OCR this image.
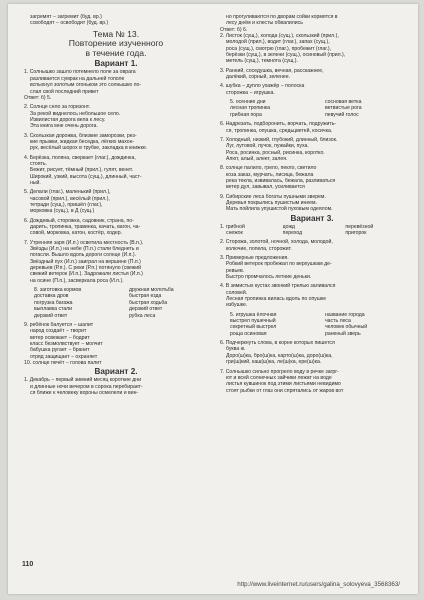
загремят − загремит (буд. вр.)
ссвободят − освободит (буд. вр.)
Тема № 13.
Повторение изученного
в течение года.
Вариант 1.
1. Солнышко зашло потемнело поле за оврага
разливается сумрак на дальней тополе
вспыхнул золотым огоньком это солнышко по-
слал свой последний привет
Ответ: б) 5.
2. Солнце село за горизонт.
За рекой виднелось небольшое село.
Извилистая дорога вела к лесу.
Эта книга мне очень дорога.
3. Скользкая дорожка, близкие заморозки, рез-
кие прыжки, жидкая беседка, лёгких махон-
рук, весёлый шорох в трубке, закладка в книжке.
4. Берёзка, поляна, сверкает (глаг.), дождинка,
стоять.
Бежит, рисует, тёмный (прил.), гулят, венет.
Широкий, узкий, высота (сущ.), длинный, част-
ный.
5. Делали (глаг.), маленький (прил.),
часовой (прил.), весёлый (прил.),
тетради (сущ.), пришёл (глаг.),
морковка (сущ.), в Д (сущ.)
6. Дождевый, сторожка, садовник, страна, по-
дарить, тропинка, травинка, качать, вагон, ча-
совой, морковка, катон, костёр, ходер.
7. Утренняя заря (И.п.) осветила местность (В.п.).
Звёзды (И.п.) на небе (П.п.) стали бледнеть и
погасли. Вышло вдоль дороги солнце (И.п.).
Звёздный пух (И.п.) заиграл на вершине (П.п.)
деревьев (Р.п.). С реки (Р.п.) потянуло (свежий
свежий ветерок (И.п.). Задрожали листья (И.п.)
на осине (П.п.), засверкала роса (И.п.).
8. заготовка кормов	дружная молотьба
доставка дров	быстрая езда
погрузка багажа	быстрая ходьба
выплавка стали	дерзкий ответ
дерзкий ответ	рубка леса
9. ребёнок балуется − шалит
народ создаёт − творит
ветер освежает − бодрит
класс безмолвствует − молчит
бабушка ругает − бранит
отряд защищает − охраняет
10. солнце печёт − голова палит
Вариант 2.
1. Декабрь − первый зимний месяц короткие дни
и длинные ночи вечером в сорока перебирает-
ся ближе к человеку вороны осмелели и вин-
но прогуливаются по дворам сойки кормятся в
лесу днём и клесты обвалились
Ответ: б) 6.
2. Листок (сущ.), холода (сущ.), скользкий (прил.),
молодой (прил.), водит (глаг.), запах (сущ.),
роса (сущ.), смотрю (глаг.), пробежит (глаг.),
берёзки (сущ.), в зелени (сущ.), осиновый (прил.),
метель (сущ.), темнота (сущ.).
3. Ранний, соседушка, вечная, расскажнее,
далёкий, сорный, зеленее.
4. шубка − дупло ухажёр − полоска
сторожка − игрушка.
5. осенние дни	сосновая ветка
лесная тропинка	ветвистые рога
грибная пора	певучий голос
6. Надрезать, подборонить, ворчать, подружить-
ся, тропинка, опушка, средьцветей, косичка.
7. Холодный, низкий, глубокий, длинный, близок.
Луг, лутовой, пучок, пужайки, пуха.
Роса, росинка, росный, рисинка, коротко.
Алют, алый, алеет, залея.
8. солнце палило, грело, пекло, светило
коза заказ, мурчать, лисица, бежала
река текла, извивалась, бежала, разливаться
ветер дул, завывал, усиливается
9. Сибирские леса богаты пушными зверем.
Деревья покрылись пушистым инеем.
Мать пойлила упушистой пуховым одеялом.
Вариант 3.
1. грибной	дожд	перевёзной
снежок	переход	пригорок
2. Сторожа, золотой, ночной, холода, молодой,
колючие, попела, сторожит.
3. Примерные предложения.
Робкий ветерок пробежал по верхушкам де-
ревьев.
Быстро промчалось летние деньки.
4. В зимистых кустах звонкий трелью заливался
соловей.
Лесная тропинка вилась вдоль по опушке
избушке.
5. игрушка ёлочная	название города
выстрел пушечный	часть леса
секретный выстрел	человек обычный
роща осиновая	раненый зверь
6. Подчеркнуть слова, в корне которых пишется
буква ж.
Доро(ш)ка, бро(ш)ка, карто(ш)ка, доро(ш)ка,
гри(ш)кий, каш(ш)ка, ле(ш)ка, ере(ш)ка.
7. Солнышко сильно прогрело воду в речке загрг-
ют и всей солнечных зайчики лежат на воде
листья кувшинок под этими листьями невидимо
стоят рыбки от глаз они спрятались от жаров вот
110
http://www.liveinternet.ru/users/galina_solovyeva_3568363/
